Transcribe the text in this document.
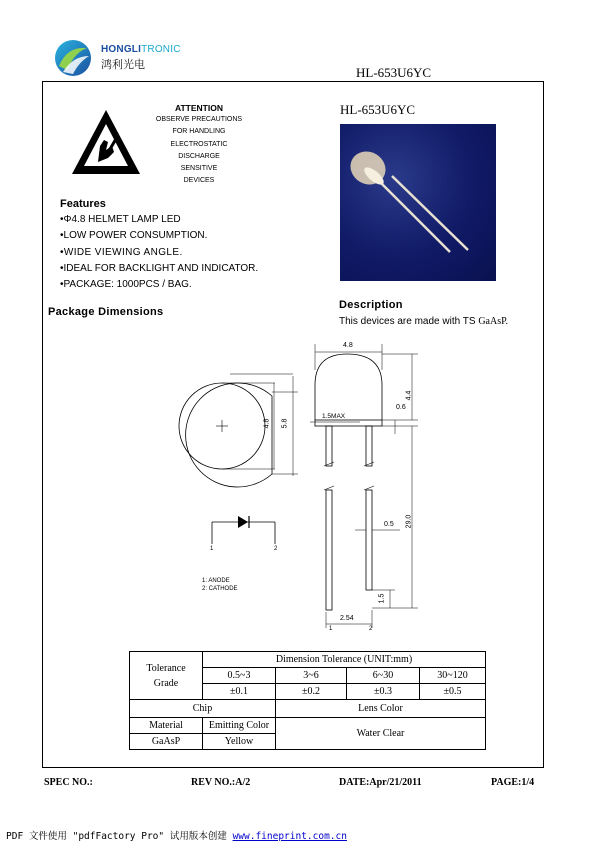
HONGLITRONIC
鸿利光电	HL-653U6YC
ATTENTION
OBSERVE PRECAUTIONS
FOR HANDLING
ELECTROSTATIC
DISCHARGE
SENSITIVE
DEVICES
HL-653U6YC
Features
•Φ4.8 HELMET LAMP LED
•LOW POWER CONSUMPTION.
•WIDE VIEWING ANGLE.
•IDEAL FOR BACKLIGHT AND INDICATOR.
•PACKAGE: 1000PCS / BAG.
Package Dimensions
Description
This devices are made with TS GaAsP.
4.8
4.4
0.6
1.5MAX
29.0
0.5
1.5
2.54
4.8 5.8
1	2
1	2
1: ANODE
2: CATHODE
Tolerance Grade	Dimension Tolerance (UNIT:mm)			
	0.5~3	3~6	6~30	30~120
	±0.1	±0.2	±0.3	±0.5
Chip		Lens Color		
Material	Emitting Color	Water Clear		
GaAsP	Yellow			
SPEC NO.:	REV NO.:A/2	DATE:Apr/21/2011	PAGE:1/4
PDF 文件使用 "pdfFactory Pro" 试用版本创建 www.fineprint.com.cn
